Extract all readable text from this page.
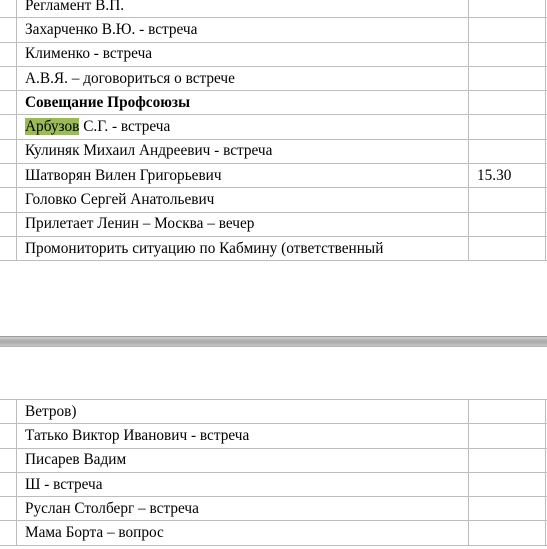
	Регламент В.П.		
	Захарченко В.Ю. - встреча		
	Клименко - встреча		
	А.В.Я. – договориться о встрече		
	Совещание Профсоюзы		
	Арбузов С.Г. - встреча		
	Кулиняк Михаил Андреевич - встреча		
	Шатворян Вилен Григорьевич	15.30	
	Головко Сергей Анатольевич		
	Прилетает Ленин – Москва – вечер		
	Промониторить ситуацию по Кабмину (ответственный		
	Ветров)		
	Татько Виктор Иванович - встреча		
	Писарев Вадим		
	Ш - встреча		
	Руслан Столберг – встреча		
	Мама Борта – вопрос		
